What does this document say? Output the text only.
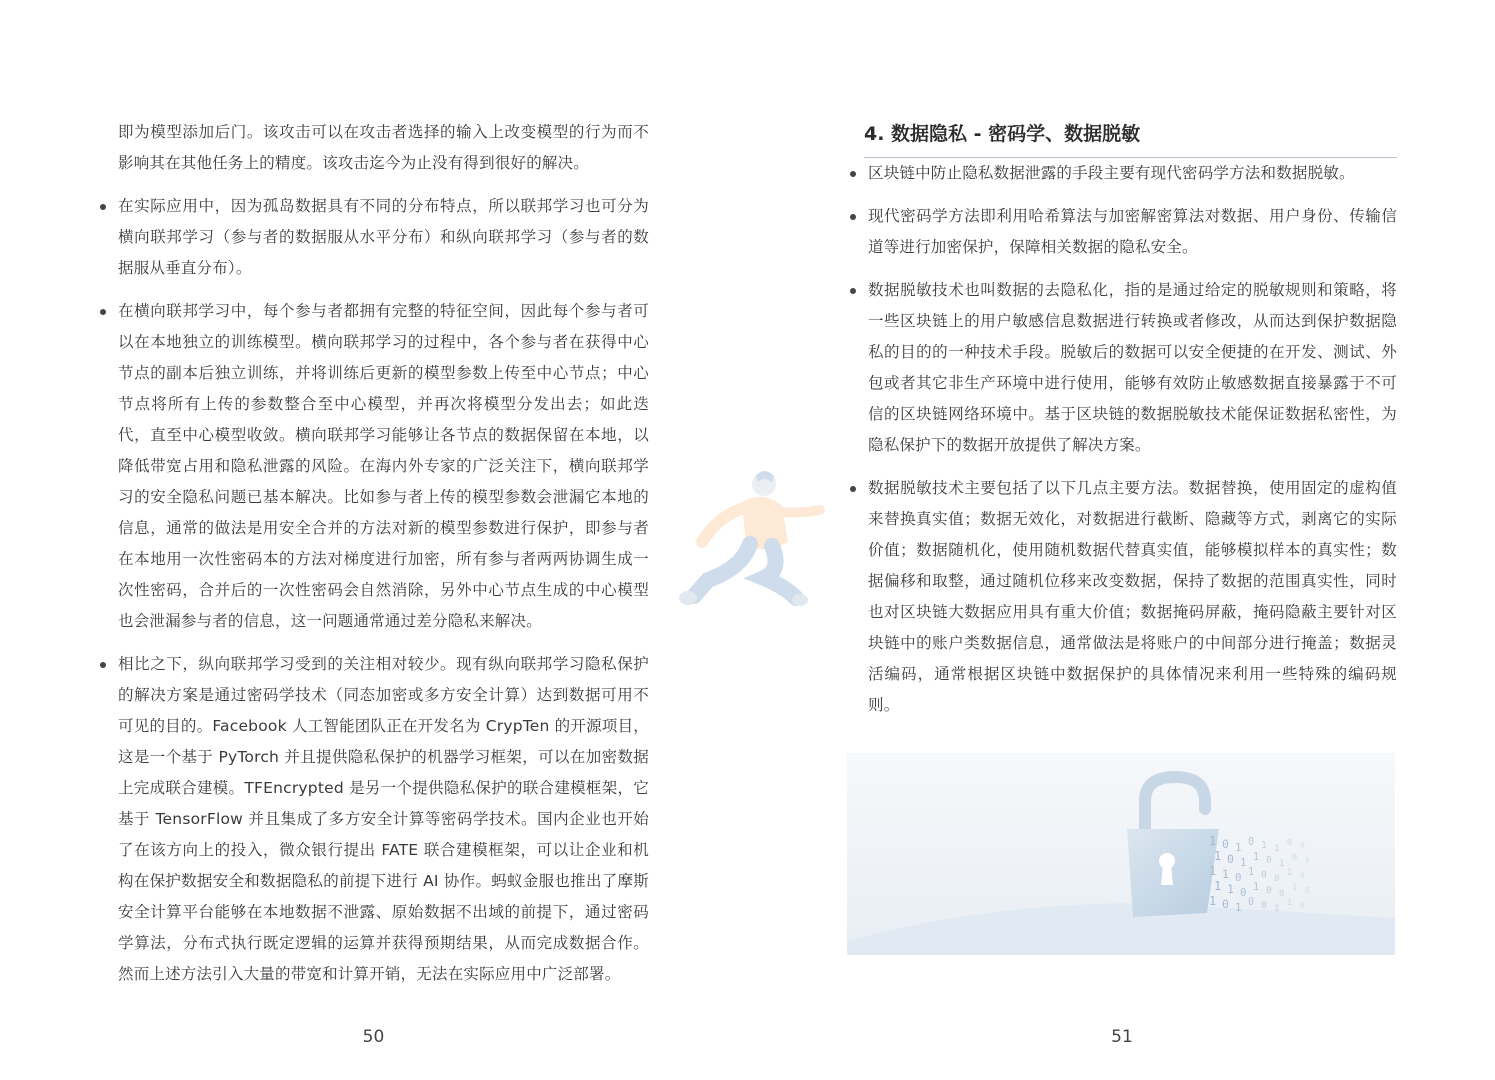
即为模型添加后门。该攻击可以在攻击者选择的输入上改变模型的行为而不影响其在其他任务上的精度。该攻击迄今为止没有得到很好的解决。

在实际应用中，因为孤岛数据具有不同的分布特点，所以联邦学习也可分为横向联邦学习（参与者的数据服从水平分布）和纵向联邦学习（参与者的数据服从垂直分布）。
在横向联邦学习中，每个参与者都拥有完整的特征空间，因此每个参与者可以在本地独立的训练模型。横向联邦学习的过程中，各个参与者在获得中心节点的副本后独立训练，并将训练后更新的模型参数上传至中心节点；中心节点将所有上传的参数整合至中心模型，并再次将模型分发出去；如此迭代，直至中心模型收敛。横向联邦学习能够让各节点的数据保留在本地，以降低带宽占用和隐私泄露的风险。在海内外专家的广泛关注下，横向联邦学习的安全隐私问题已基本解决。比如参与者上传的模型参数会泄漏它本地的信息，通常的做法是用安全合并的方法对新的模型参数进行保护，即参与者在本地用一次性密码本的方法对梯度进行加密，所有参与者两两协调生成一次性密码，合并后的一次性密码会自然消除，另外中心节点生成的中心模型也会泄漏参与者的信息，这一问题通常通过差分隐私来解决。
相比之下，纵向联邦学习受到的关注相对较少。现有纵向联邦学习隐私保护的解决方案是通过密码学技术（同态加密或多方安全计算）达到数据可用不可见的目的。Facebook 人工智能团队正在开发名为 CrypTen 的开源项目，这是一个基于 PyTorch 并且提供隐私保护的机器学习框架，可以在加密数据上完成联合建模。TFEncrypted 是另一个提供隐私保护的联合建模框架，它基于 TensorFlow 并且集成了多方安全计算等密码学技术。国内企业也开始了在该方向上的投入，微众银行提出 FATE 联合建模框架，可以让企业和机构在保护数据安全和数据隐私的前提下进行 AI 协作。蚂蚁金服也推出了摩斯安全计算平台能够在本地数据不泄露、原始数据不出域的前提下，通过密码学算法，分布式执行既定逻辑的运算并获得预期结果，从而完成数据合作。然而上述方法引入大量的带宽和计算开销，无法在实际应用中广泛部署。
50
4. 数据隐私 - 密码学、数据脱敏
区块链中防止隐私数据泄露的手段主要有现代密码学方法和数据脱敏。
现代密码学方法即利用哈希算法与加密解密算法对数据、用户身份、传输信道等进行加密保护，保障相关数据的隐私安全。
数据脱敏技术也叫数据的去隐私化，指的是通过给定的脱敏规则和策略，将一些区块链上的用户敏感信息数据进行转换或者修改，从而达到保护数据隐私的目的的一种技术手段。脱敏后的数据可以安全便捷的在开发、测试、外包或者其它非生产环境中进行使用，能够有效防止敏感数据直接暴露于不可信的区块链网络环境中。基于区块链的数据脱敏技术能保证数据私密性，为隐私保护下的数据开放提供了解决方案。
数据脱敏技术主要包括了以下几点主要方法。数据替换，使用固定的虚构值来替换真实值；数据无效化，对数据进行截断、隐藏等方式，剥离它的实际价值；数据随机化，使用随机数据代替真实值，能够模拟样本的真实性；数据偏移和取整，通过随机位移来改变数据，保持了数据的范围真实性，同时也对区块链大数据应用具有重大价值；数据掩码屏蔽，掩码隐蔽主要针对区块链中的账户类数据信息，通常做法是将账户的中间部分进行掩盖；数据灵活编码，通常根据区块链中数据保护的具体情况来利用一些特殊的编码规则。
1 0 1 0 1 1
0 0
1 0 1 1 0 1
0 0
1 1 0 1 0 0
1 0
1 1 0 1 0 0
1 0
1 0 1 0 0 1
1 0
51
